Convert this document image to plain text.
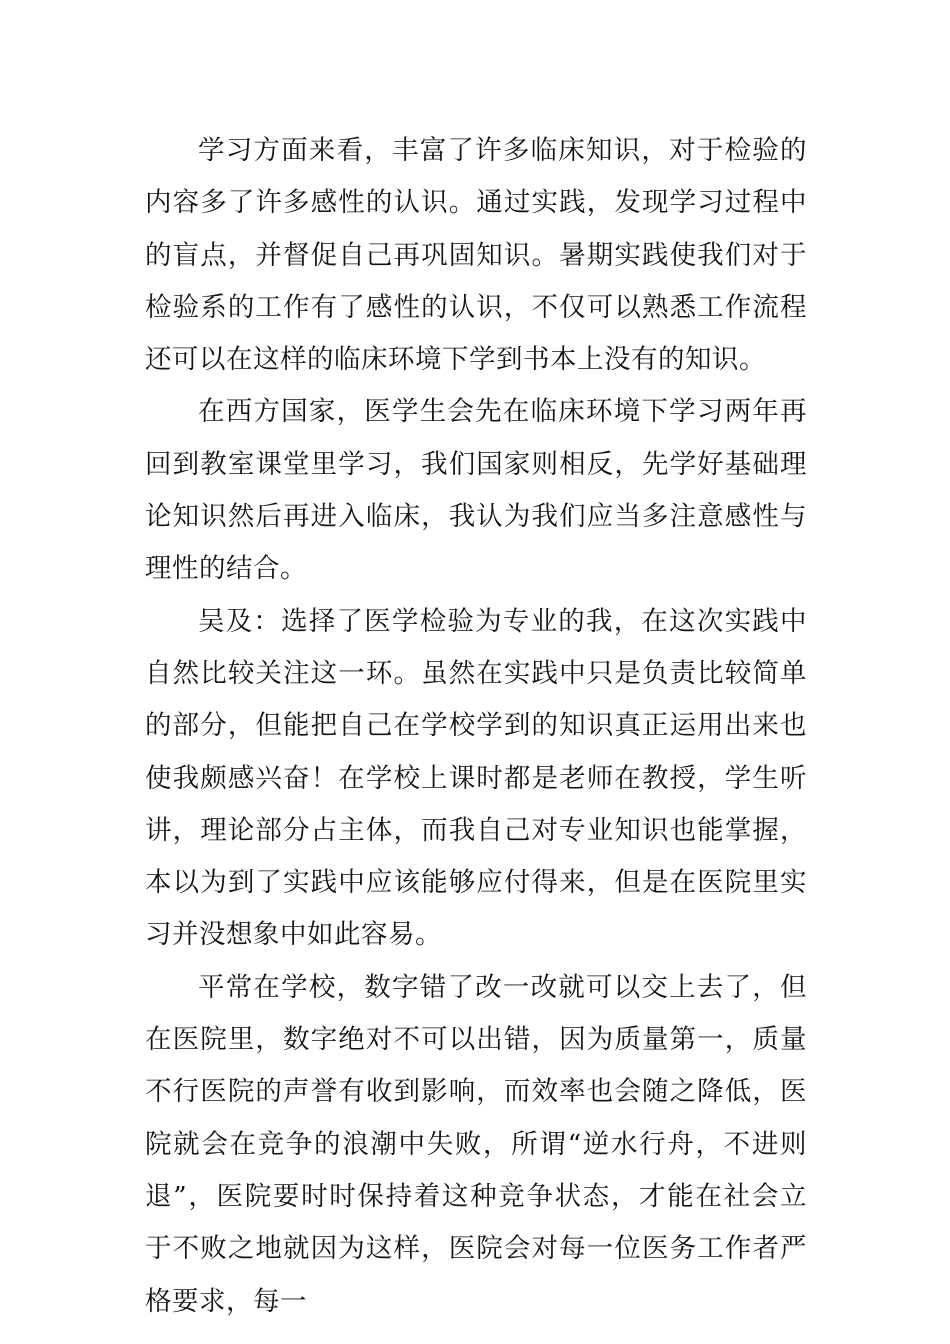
学习方面来看，丰富了许多临床知识，对于检验的内容多了许多感性的认识。通过实践，发现学习过程中的盲点，并督促自己再巩固知识。暑期实践使我们对于检验系的工作有了感性的认识，不仅可以熟悉工作流程还可以在这样的临床环境下学到书本上没有的知识。

在西方国家，医学生会先在临床环境下学习两年再回到教室课堂里学习，我们国家则相反，先学好基础理论知识然后再进入临床，我认为我们应当多注意感性与理性的结合。

吴及：选择了医学检验为专业的我，在这次实践中自然比较关注这一环。虽然在实践中只是负责比较简单的部分，但能把自己在学校学到的知识真正运用出来也使我颇感兴奋！在学校上课时都是老师在教授，学生听讲，理论部分占主体，而我自己对专业知识也能掌握，本以为到了实践中应该能够应付得来，但是在医院里实习并没想象中如此容易。

平常在学校，数字错了改一改就可以交上去了，但在医院里，数字绝对不可以出错，因为质量第一，质量不行医院的声誉有收到影响，而效率也会随之降低，医院就会在竞争的浪潮中失败，所谓“逆水行舟，不进则退”，医院要时时保持着这种竞争状态，才能在社会立于不败之地就因为这样，医院会对每一位医务工作者严格要求，每一
